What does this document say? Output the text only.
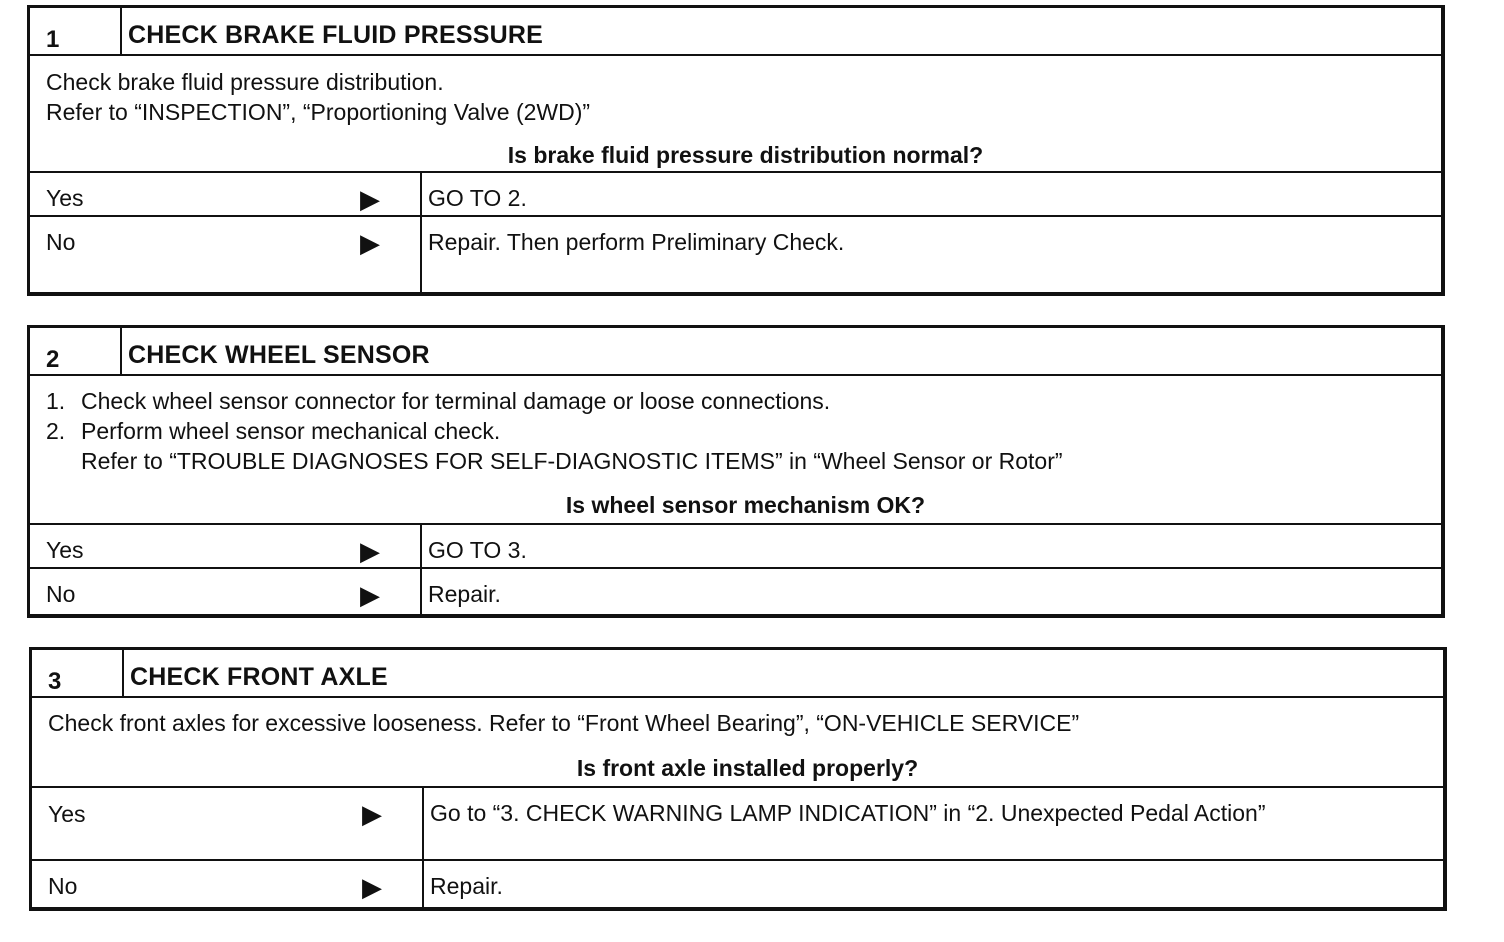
1	CHECK BRAKE FLUID PRESSURE
Check brake fluid pressure distribution.
Refer to “INSPECTION”, “Proportioning Valve (2WD)”
Is brake fluid pressure distribution normal?
Yes	▶ GO TO 2.
No	▶ Repair. Then perform Preliminary Check.
2	CHECK WHEEL SENSOR
1. Check wheel sensor connector for terminal damage or loose connections.
2. Perform wheel sensor mechanical check.
Refer to “TROUBLE DIAGNOSES FOR SELF-DIAGNOSTIC ITEMS” in “Wheel Sensor or Rotor”
Is wheel sensor mechanism OK?
Yes	▶ GO TO 3.
No	▶ Repair.
3	CHECK FRONT AXLE
Check front axles for excessive looseness. Refer to “Front Wheel Bearing”, “ON-VEHICLE SERVICE”
Is front axle installed properly?
Yes	▶ Go to “3. CHECK WARNING LAMP INDICATION” in “2. Unexpected Pedal Action”
No	▶ Repair.
